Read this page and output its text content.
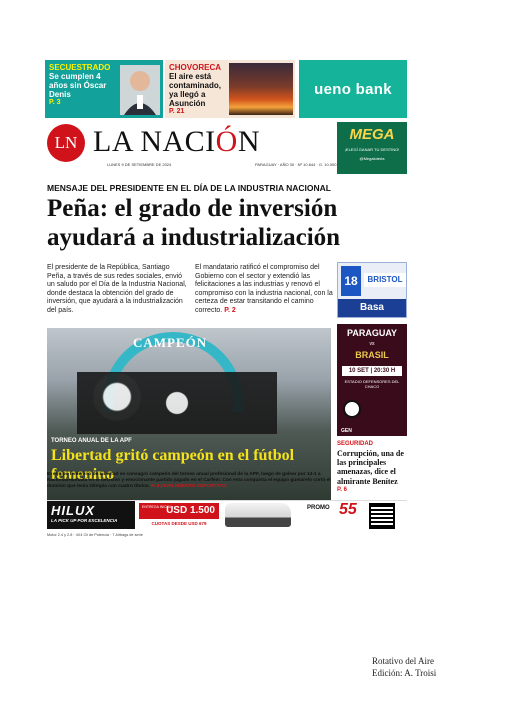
SECUESTRADO
Se cumplen 4 años sin Óscar Denis
P. 3
CHOVORECA
El aire está contaminado, ya llegó a Asunción
P. 21
ueno bank
LN LA NACIÓN
LUNES 9 DE SETIEMBRE DE 2024	PARAGUAY · AÑO 30 · Nº 10.644 · G. 10.000
MEGA
¡ELEGÍ GANAR TU DESTINO!
@Megaloteria
MENSAJE DEL PRESIDENTE EN EL DÍA DE LA INDUSTRIA NACIONAL
Peña: el grado de inversión ayudará a industrialización

El presidente de la República, Santiago Peña, a través de sus redes sociales, envió un saludo por el Día de la Industria Nacional, donde destaca la obtención del grado de inversión, que ayudará a la industrialización del país.

El mandatario ratificó el compromiso del Gobierno con el sector y extendió las felicitaciones a las industrias y renovó el compromiso con la industria nacional, con la certeza de estar transitando el camino correcto. P. 2

18	BRISTOL
Basa
CAMPEÓN
TORNEO ANUAL DE LA APF
Libertad gritó campeón en el fútbol femenino

El equipo femenino de Libertad se consagró campeón del torneo anual profesional de la APF, luego de golear por 14-1 a Nacional/Humaitá en el decisivo y emocionante partido jugado en el Carfem. Con esta conquista el equipo gumarelo cortó el dominio que tenía Olimpia con cuatro títulos. P. 8 (SUPLEMENTO DEPORTIVO)

PARAGUAY
vs
BRASIL
10 SET | 20:30 H
ESTADIO DEFENSORES DEL CHACO
GEN
SEGURIDAD
Corrupción, una de las principales amenazas, dice el almirante Benítez
P. 6
HILUX
LA PICK UP POR EXCELENCIA
USD 1.500
ENTREGA INICIAL
CUOTAS DESDE USD 679
PROMO 55
Motor 2.4 y 2.8 · 4X4 Cil de Potencia · 7 Airbags de serie
Rotativo del Aire
Edición: A. Troisi
